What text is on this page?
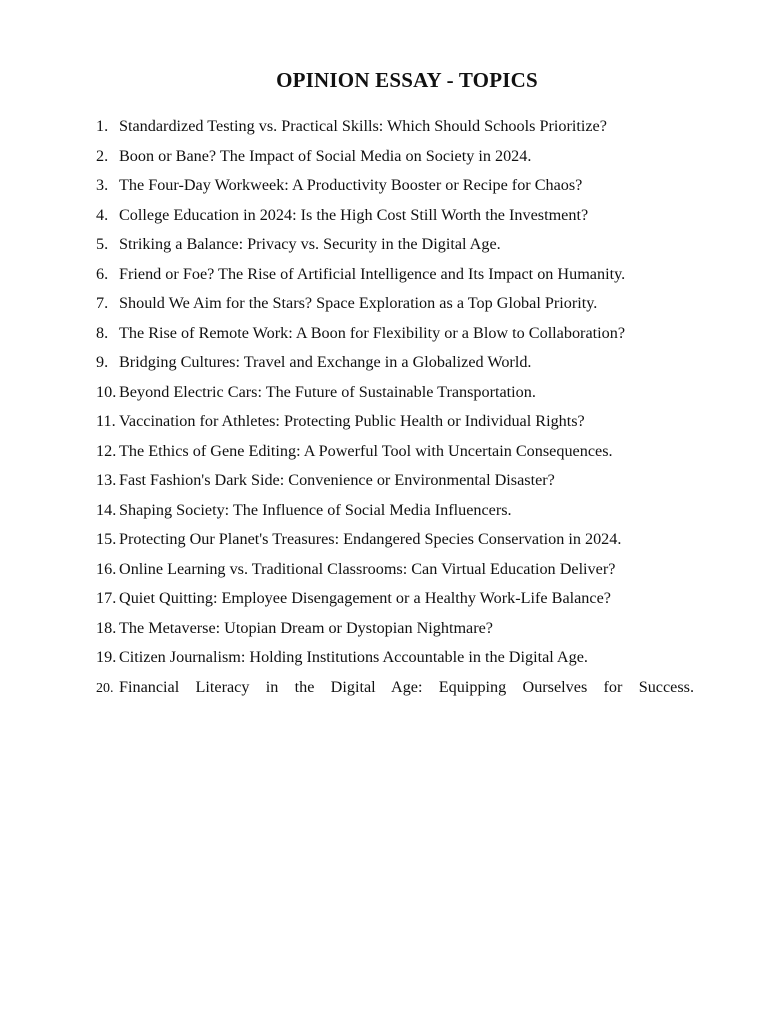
OPINION ESSAY - TOPICS
1. Standardized Testing vs. Practical Skills: Which Should Schools Prioritize?
2. Boon or Bane? The Impact of Social Media on Society in 2024.
3. The Four-Day Workweek: A Productivity Booster or Recipe for Chaos?
4. College Education in 2024: Is the High Cost Still Worth the Investment?
5. Striking a Balance: Privacy vs. Security in the Digital Age.
6. Friend or Foe? The Rise of Artificial Intelligence and Its Impact on Humanity.
7. Should We Aim for the Stars? Space Exploration as a Top Global Priority.
8. The Rise of Remote Work: A Boon for Flexibility or a Blow to Collaboration?
9. Bridging Cultures: Travel and Exchange in a Globalized World.
10. Beyond Electric Cars: The Future of Sustainable Transportation.
11. Vaccination for Athletes: Protecting Public Health or Individual Rights?
12. The Ethics of Gene Editing: A Powerful Tool with Uncertain Consequences.
13. Fast Fashion's Dark Side: Convenience or Environmental Disaster?
14. Shaping Society: The Influence of Social Media Influencers.
15. Protecting Our Planet's Treasures: Endangered Species Conservation in 2024.
16. Online Learning vs. Traditional Classrooms: Can Virtual Education Deliver?
17. Quiet Quitting: Employee Disengagement or a Healthy Work-Life Balance?
18. The Metaverse: Utopian Dream or Dystopian Nightmare?
19. Citizen Journalism: Holding Institutions Accountable in the Digital Age.
20. Financial Literacy in the Digital Age: Equipping Ourselves for Success.
